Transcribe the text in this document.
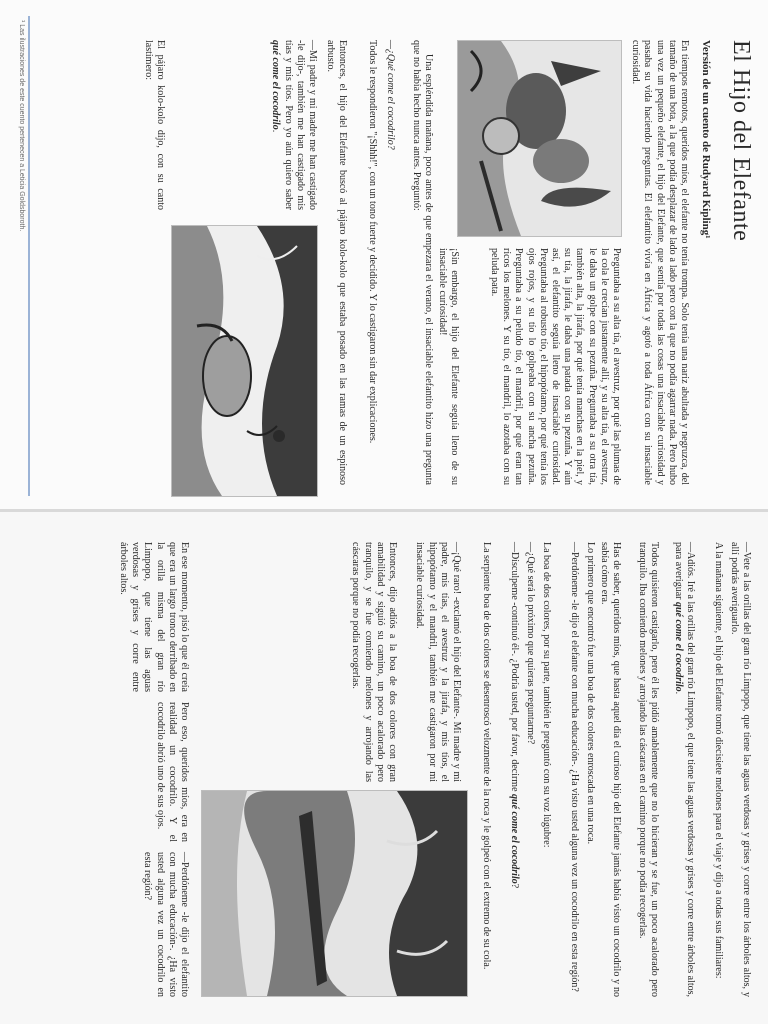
El Hijo del Elefante
Versión de un cuento de Rudyard Kipling¹

En tiempos remotos, queridos míos, el elefante no tenía trompa. Solo tenía una nariz abultada y negruzca, del tamaño de una bota, a la que podía desplazar de lado a lado pero con la que no podía agarrar nada. Pero hubo una vez un pequeño elefante, el hijo del Elefante, que sentía por todas las cosas una insaciable curiosidad y pasaba su vida haciendo preguntas. El elefantito vivía en África y agotó a toda África con su insaciable curiosidad.

Preguntaba a su alta tía, el avestruz, por qué las plumas de la cola le crecían justamente allí, y su alta tía, el avestruz, le daba un golpe con su pezuña. Preguntaba a su otra tía, también alta, la jirafa, por qué tenía manchas en la piel, y su tía, la jirafa, le daba una patada con su pezuña. Y aún así, el elefantito seguía lleno de insaciable curiosidad. Preguntaba al robusto tío, el hipopótamo, por qué tenía los ojos rojos, y su tío lo golpeaba con su ancha pezuña. Preguntaba a su peludo tío, el mandril, por qué eran tan ricos los melones. Y su tío, el mandril, lo azotaba con su peluda pata.

¡Sin embargo, el hijo del Elefante seguía lleno de su insaciable curiosidad!

Una espléndida mañana, poco antes de que empezara el verano, el insaciable elefantito hizo una pregunta que no había hecho nunca antes. Preguntó:

—¿Qué come el cocodrilo?

Todos le respondieron "¡Shhh!", con un tono fuerte y decidido. Y lo castigaron sin dar explicaciones.

Entonces, el hijo del Elefante buscó al pájaro kolo-kolo que estaba posado en las ramas de un espinoso arbusto.

—Mi padre y mi madre me han castigado -le dijo-, también me han castigado mis tías y mis tíos. Pero yo aún quiero saber qué come el cocodrilo.

El pájaro kolo-kolo dijo, con su canto lastimero:

¹ Las ilustraciones de este cuento pertenecen a Leticia Goldsboroth.

—Vete a las orillas del gran río Limpopo, que tiene las aguas verdosas y grises y corre entre los árboles altos, y allí podrás averiguarlo.

A la mañana siguiente, el hijo del Elefante tomó diecisiete melones para el viaje y dijo a todas sus familiares:

—Adiós. Iré a las orillas del gran río Limpopo, el que tiene las aguas verdosas y grises y corre entre árboles altos, para averiguar qué come el cocodrilo.

Todos quisieron castigarlo, pero él les pidió amablemente que no lo hicieran y se fue, un poco acalorado pero tranquilo. Iba comiendo melones y arrojando las cáscaras en el camino porque no podía recogerlas.

Has de saber, queridos míos, que hasta aquel día el curioso hijo del Elefante jamás había visto un cocodrilo y no sabía cómo era.

Lo primero que encontró fue una boa de dos colores enroscada en una roca.

—Perdóneme -le dijo el elefante con mucha educación-. ¿Ha visto usted alguna vez un cocodrilo en esta región?

La boa de dos colores, por su parte, también le preguntó con su voz lúgubre:

—¿Qué será lo próximo que quieras preguntarme?

—Disculpeme -continuó él-. ¿Podría usted, por favor, decirme qué come el cocodrilo?

La serpiente boa de dos colores se desenroscó velozmente de la roca y le golpeó con el extremo de su cola.

—¡Qué raro! -exclamó el hijo del Elefante-. Mi madre y mi padre, mis tías, el avestruz y la jirafa, y mis tíos, el hipopótamo y el mandril, también me castigaron por mi insaciable curiosidad.

Entonces, dijo adiós a la boa de dos colores con gran amabilidad y siguió su camino, un poco acalorado pero tranquilo, y se fue comiendo melones y arrojando las cáscaras porque no podía recogerlas.

En ese momento, pisó lo que él creía que era un largo tronco derribado en la orilla misma del gran río Limpopo, que tiene las aguas verdosas y grises y corre entre árboles altos.

Pero eso, queridos míos, era en realidad un cocodrilo. Y el cocodrilo abrió uno de sus ojos.

—Perdóneme -le dijo el elefantito con mucha educación-. ¿Ha visto usted alguna vez un cocodrilo en esta región?
